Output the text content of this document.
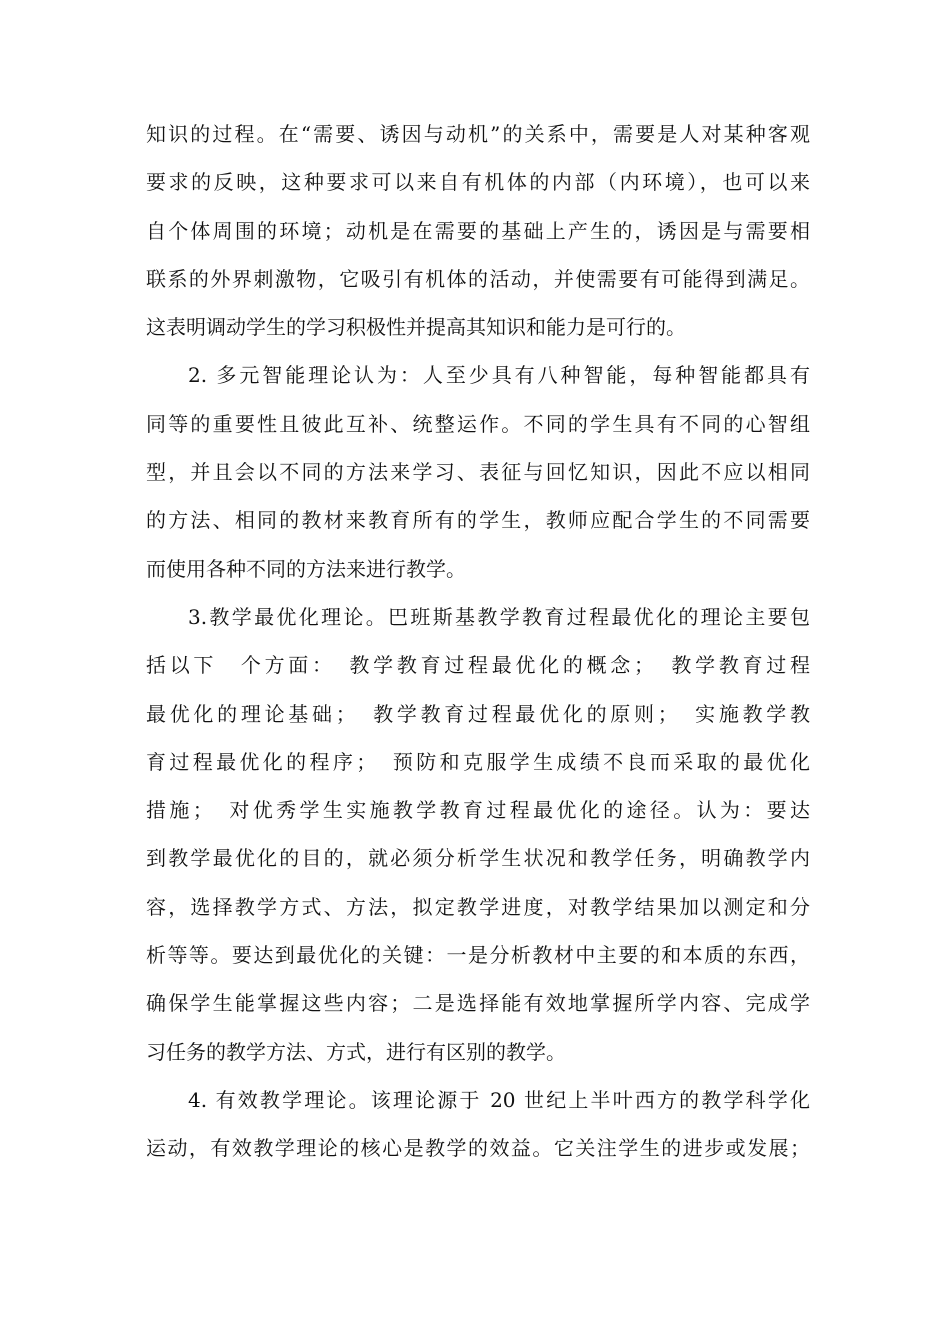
知识的过程。在“需要、诱因与动机”的关系中，需要是人对某种客观
要求的反映，这种要求可以来自有机体的内部（内环境），也可以来
自个体周围的环境；动机是在需要的基础上产生的，诱因是与需要相
联系的外界刺激物，它吸引有机体的活动，并使需要有可能得到满足。
这表明调动学生的学习积极性并提高其知识和能力是可行的。
2. 多元智能理论认为：人至少具有八种智能，每种智能都具有
同等的重要性且彼此互补、统整运作。不同的学生具有不同的心智组
型，并且会以不同的方法来学习、表征与回忆知识，因此不应以相同
的方法、相同的教材来教育所有的学生，教师应配合学生的不同需要
而使用各种不同的方法来进行教学。
3.教学最优化理论。巴班斯基教学教育过程最优化的理论主要包
括以下　个方面：　教学教育过程最优化的概念；　教学教育过程
最优化的理论基础；　教学教育过程最优化的原则；　实施教学教
育过程最优化的程序；　预防和克服学生成绩不良而采取的最优化
措施；　对优秀学生实施教学教育过程最优化的途径。认为：要达
到教学最优化的目的，就必须分析学生状况和教学任务，明确教学内
容，选择教学方式、方法，拟定教学进度，对教学结果加以测定和分
析等等。要达到最优化的关键：一是分析教材中主要的和本质的东西，
确保学生能掌握这些内容；二是选择能有效地掌握所学内容、完成学
习任务的教学方法、方式，进行有区别的教学。
4. 有效教学理论。该理论源于 20 世纪上半叶西方的教学科学化
运动，有效教学理论的核心是教学的效益。它关注学生的进步或发展；
